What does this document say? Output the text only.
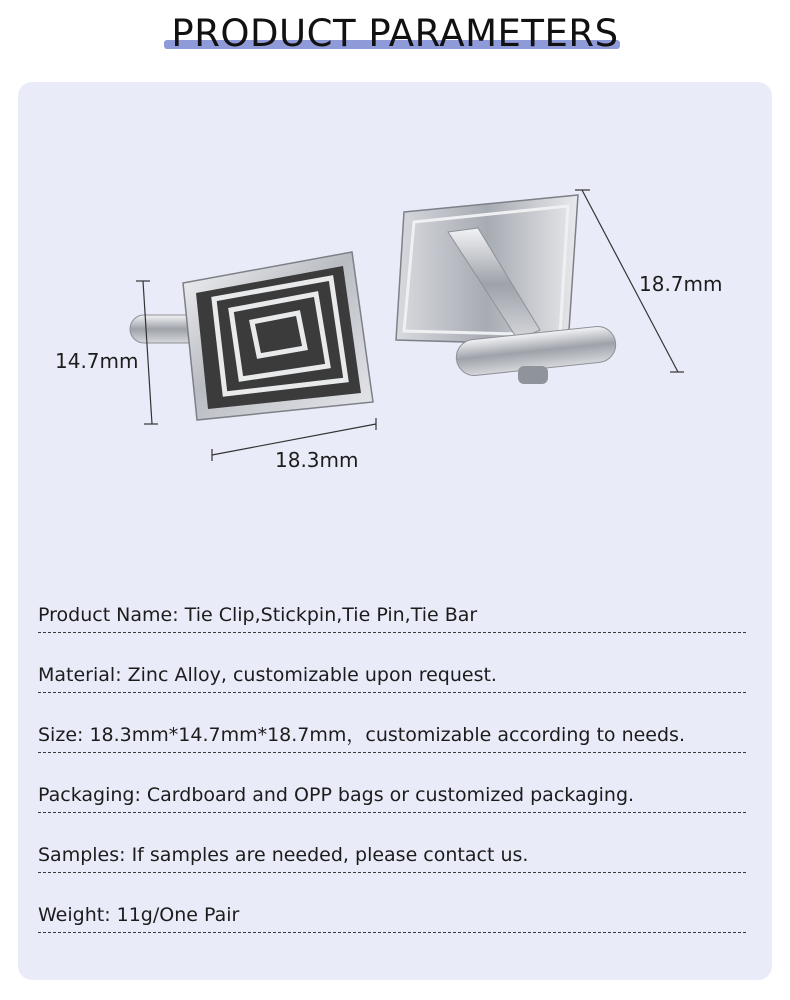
PRODUCT PARAMETERS
14.7mm
18.3mm
18.7mm
Product Name: Tie Clip,Stickpin,Tie Pin,Tie Bar
Material: Zinc Alloy, customizable upon request.
Size: 18.3mm*14.7mm*18.7mm，customizable according to needs.
Packaging: Cardboard and OPP bags or customized packaging.
Samples: If samples are needed, please contact us.
Weight: 11g/One Pair
